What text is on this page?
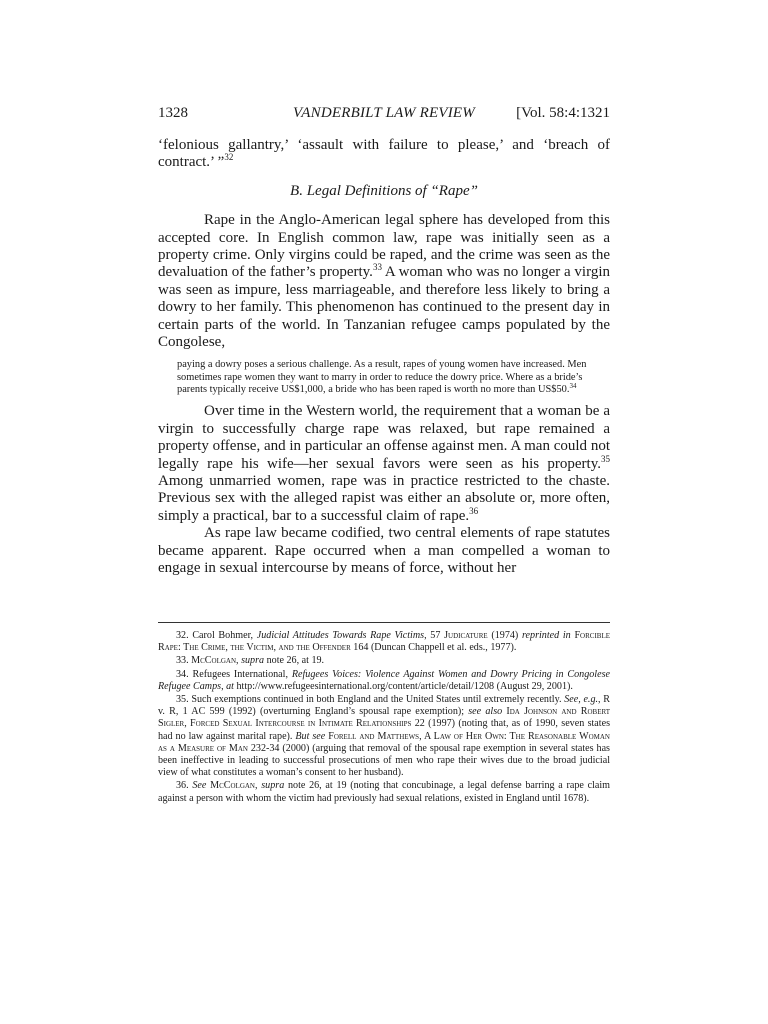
1328	VANDERBILT LAW REVIEW	[Vol. 58:4:1321

‘felonious gallantry,’ ‘assault with failure to please,’ and ‘breach of contract.’ ”$^{32}$

B. Legal Definitions of “Rape”

Rape in the Anglo-American legal sphere has developed from this accepted core. In English common law, rape was initially seen as a property crime. Only virgins could be raped, and the crime was seen as the devaluation of the father’s property.$^{33}$ A woman who was no longer a virgin was seen as impure, less marriageable, and therefore less likely to bring a dowry to her family. This phenomenon has continued to the present day in certain parts of the world. In Tanzanian refugee camps populated by the Congolese,

paying a dowry poses a serious challenge. As a result, rapes of young women have increased. Men sometimes rape women they want to marry in order to reduce the dowry price. Where as a bride’s parents typically receive US$1,000, a bride who has been raped is worth no more than US$50.34

Over time in the Western world, the requirement that a woman be a virgin to successfully charge rape was relaxed, but rape remained a property offense, and in particular an offense against men. A man could not legally rape his wife—her sexual favors were seen as his property.$^{35}$ Among unmarried women, rape was in practice restricted to the chaste. Previous sex with the alleged rapist was either an absolute or, more often, simply a practical, bar to a successful claim of rape.$^{36}$

As rape law became codified, two central elements of rape statutes became apparent. Rape occurred when a man compelled a woman to engage in sexual intercourse by means of force, without her

32. Carol Bohmer, Judicial Attitudes Towards Rape Victims, 57 Judicature (1974) reprinted in Forcible Rape: The Crime, the Victim, and the Offender 164 (Duncan Chappell et al. eds., 1977).

33. McColgan, supra note 26, at 19.

34. Refugees International, Refugees Voices: Violence Against Women and Dowry Pricing in Congolese Refugee Camps, at http://www.refugeesinternational.org/content/article/detail/1208 (August 29, 2001).

35. Such exemptions continued in both England and the United States until extremely recently. See, e.g., R v. R, 1 AC 599 (1992) (overturning England’s spousal rape exemption); see also Ida Johnson and Robert Sigler, Forced Sexual Intercourse in Intimate Relationships 22 (1997) (noting that, as of 1990, seven states had no law against marital rape). But see Forell and Matthews, A Law of Her Own: The Reasonable Woman as a Measure of Man 232-34 (2000) (arguing that removal of the spousal rape exemption in several states has been ineffective in leading to successful prosecutions of men who rape their wives due to the broad judicial view of what constitutes a woman’s consent to her husband).

36. See McColgan, supra note 26, at 19 (noting that concubinage, a legal defense barring a rape claim against a person with whom the victim had previously had sexual relations, existed in England until 1678).
